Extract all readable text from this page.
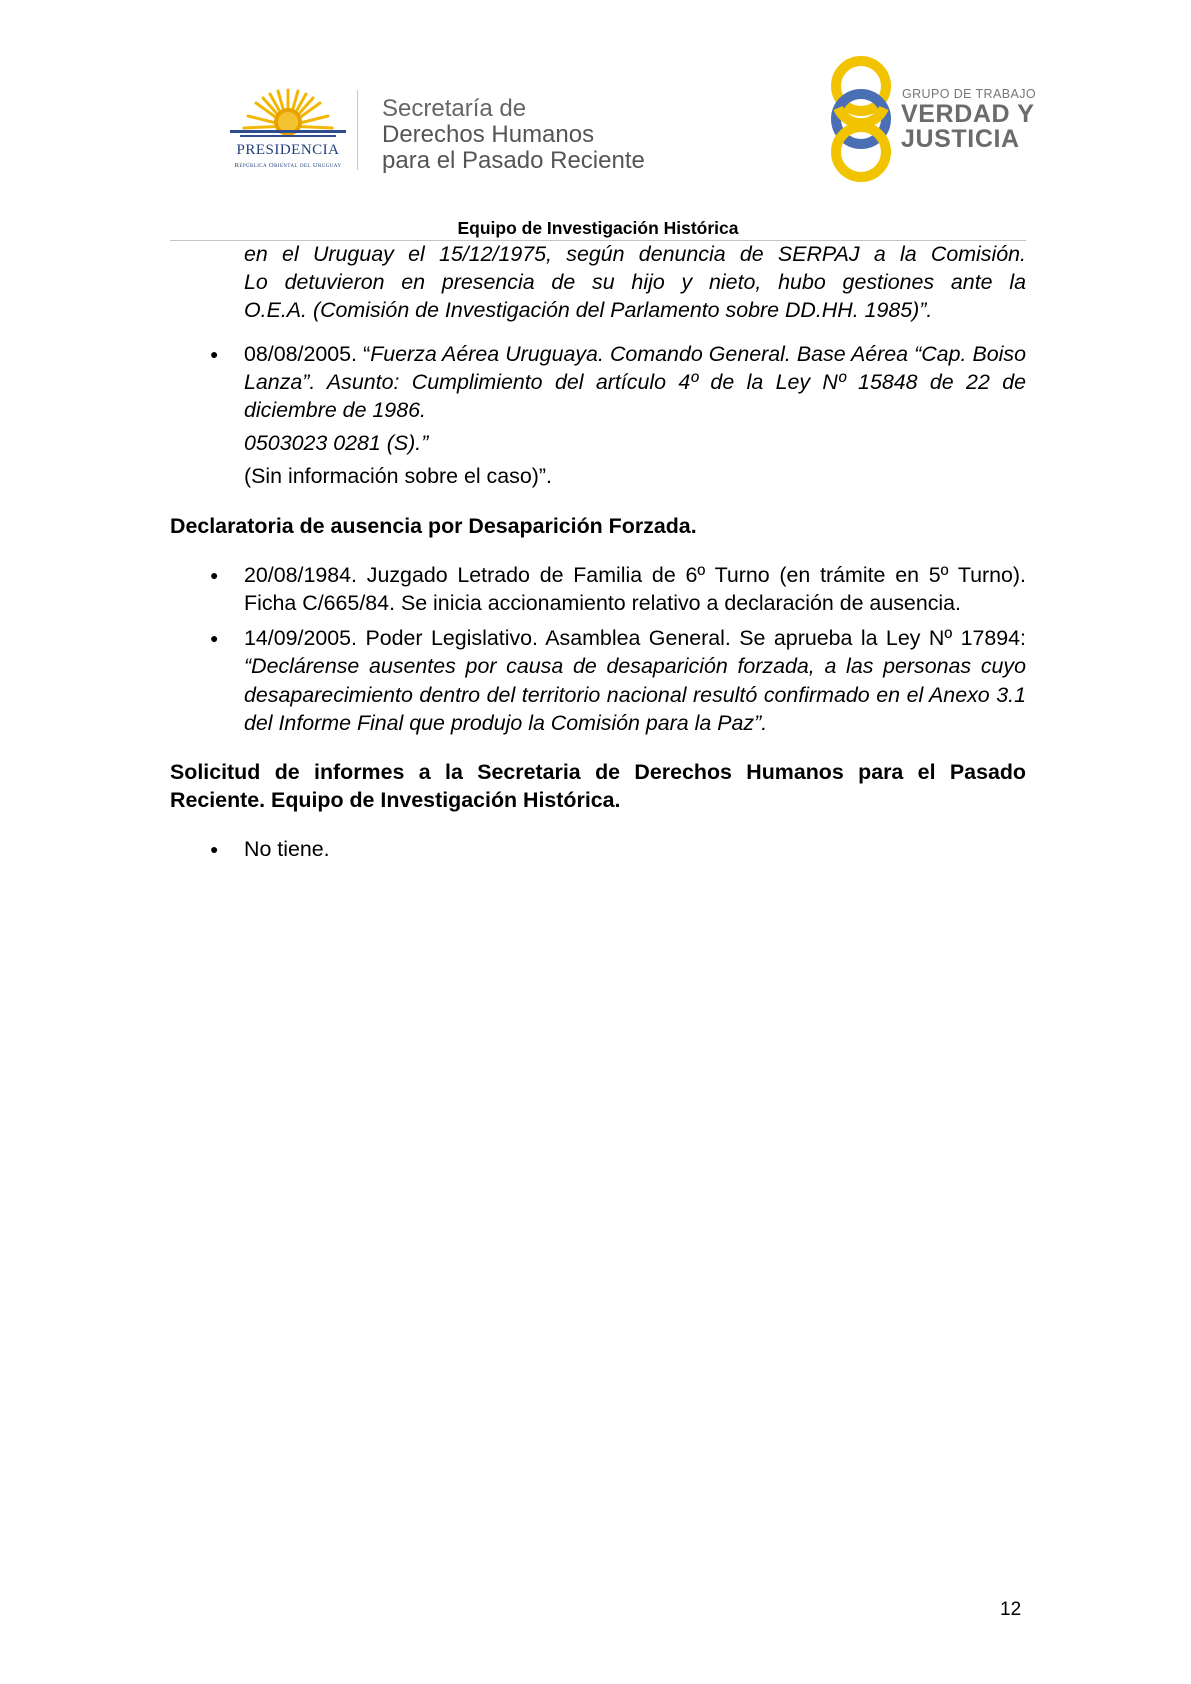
PRESIDENCIA
República Oriental del Uruguay
Secretaría de
Derechos Humanos
para el Pasado Reciente
GRUPO DE TRABAJO
VERDAD Y
JUSTICIA
Equipo de Investigación Histórica

en el Uruguay el 15/12/1975, según denuncia de SERPAJ a la Comisión.

Lo detuvieron en presencia de su hijo y nieto, hubo gestiones ante la

O.E.A. (Comisión de Investigación del Parlamento sobre DD.HH. 1985)”.

● 08/08/2005. “Fuerza Aérea Uruguaya. Comando General. Base Aérea “Cap. Boiso Lanza”. Asunto: Cumplimiento del artículo 4º de la Ley Nº 15848 de 22 de diciembre de 1986.

0503023 0281 (S).”

(Sin información sobre el caso)”.

Declaratoria de ausencia por Desaparición Forzada.

● 20/08/1984. Juzgado Letrado de Familia de 6º Turno (en trámite en 5º Turno). Ficha C/665/84. Se inicia accionamiento relativo a declaración de ausencia.

● 14/09/2005. Poder Legislativo. Asamblea General. Se aprueba la Ley Nº 17894: “Declárense ausentes por causa de desaparición forzada, a las personas cuyo desaparecimiento dentro del territorio nacional resultó confirmado en el Anexo 3.1 del Informe Final que produjo la Comisión para la Paz”.

Solicitud de informes a la Secretaria de Derechos Humanos para el Pasado Reciente. Equipo de Investigación Histórica.

● No tiene.

12
